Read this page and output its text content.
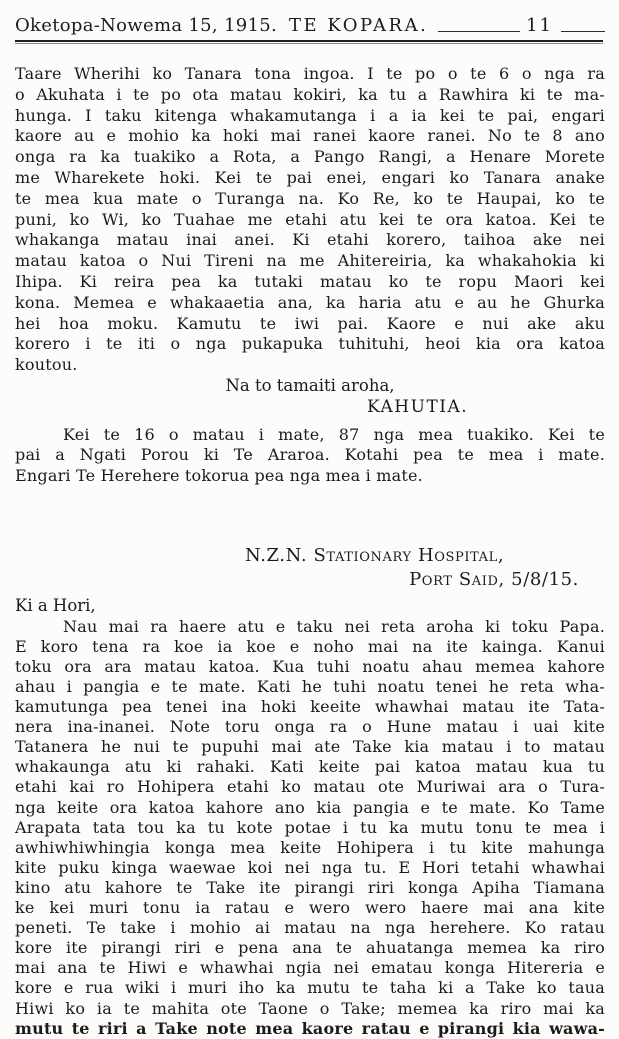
Oketopa-Nowema 15, 1915. TE KOPARA.	11
Taare Wherihi ko Tanara tona ingoa. I te po o te 6 o nga ra
o Akuhata i te po ota matau kokiri, ka tu a Rawhira ki te ma-
hunga. I taku kitenga whakamutanga i a ia kei te pai, engari
kaore au e mohio ka hoki mai ranei kaore ranei. No te 8 ano
onga ra ka tuakiko a Rota, a Pango Rangi, a Henare Morete
me Wharekete hoki. Kei te pai enei, engari ko Tanara anake
te mea kua mate o Turanga na. Ko Re, ko te Haupai, ko te
puni, ko Wi, ko Tuahae me etahi atu kei te ora katoa. Kei te
whakanga matau inai anei. Ki etahi korero, taihoa ake nei
matau katoa o Nui Tireni na me Ahitereiria, ka whakahokia ki
Ihipa. Ki reira pea ka tutaki matau ko te ropu Maori kei
kona. Memea e whakaaetia ana, ka haria atu e au he Ghurka
hei hoa moku. Kamutu te iwi pai. Kaore e nui ake aku
korero i te iti o nga pukapuka tuhituhi, heoi kia ora katoa
koutou.
Na to tamaiti aroha,
KAHUTIA.
Kei te 16 o matau i mate, 87 nga mea tuakiko. Kei te
pai a Ngati Porou ki Te Araroa. Kotahi pea te mea i mate.
Engari Te Herehere tokorua pea nga mea i mate.
N.Z.N. Stationary Hospital,
Port Said, 5/8/15.
Ki a Hori,
Nau mai ra haere atu e taku nei reta aroha ki toku Papa.
E koro tena ra koe ia koe e noho mai na ite kainga. Kanui
toku ora ara matau katoa. Kua tuhi noatu ahau memea kahore
ahau i pangia e te mate. Kati he tuhi noatu tenei he reta wha-
kamutunga pea tenei ina hoki keeite whawhai matau ite Tata-
nera ina-inanei. Note toru onga ra o Hune matau i uai kite
Tatanera he nui te pupuhi mai ate Take kia matau i to matau
whakaunga atu ki rahaki. Kati keite pai katoa matau kua tu
etahi kai ro Hohipera etahi ko matau ote Muriwai ara o Tura-
nga keite ora katoa kahore ano kia pangia e te mate. Ko Tame
Arapata tata tou ka tu kote potae i tu ka mutu tonu te mea i
awhiwhiwhingia konga mea keite Hohipera i tu kite mahunga
kite puku kinga waewae koi nei nga tu. E Hori tetahi whawhai
kino atu kahore te Take ite pirangi riri konga Apiha Tiamana
ke kei muri tonu ia ratau e wero wero haere mai ana kite
peneti. Te take i mohio ai matau na nga herehere. Ko ratau
kore ite pirangi riri e pena ana te ahuatanga memea ka riro
mai ana te Hiwi e whawhai ngia nei ematau konga Hitereria e
kore e rua wiki i muri iho ka mutu te taha ki a Take ko taua
Hiwi ko ia te mahita ote Taone o Take; memea ka riro mai ka
mutu te riri a Take note mea kaore ratau e pirangi kia wawa-
